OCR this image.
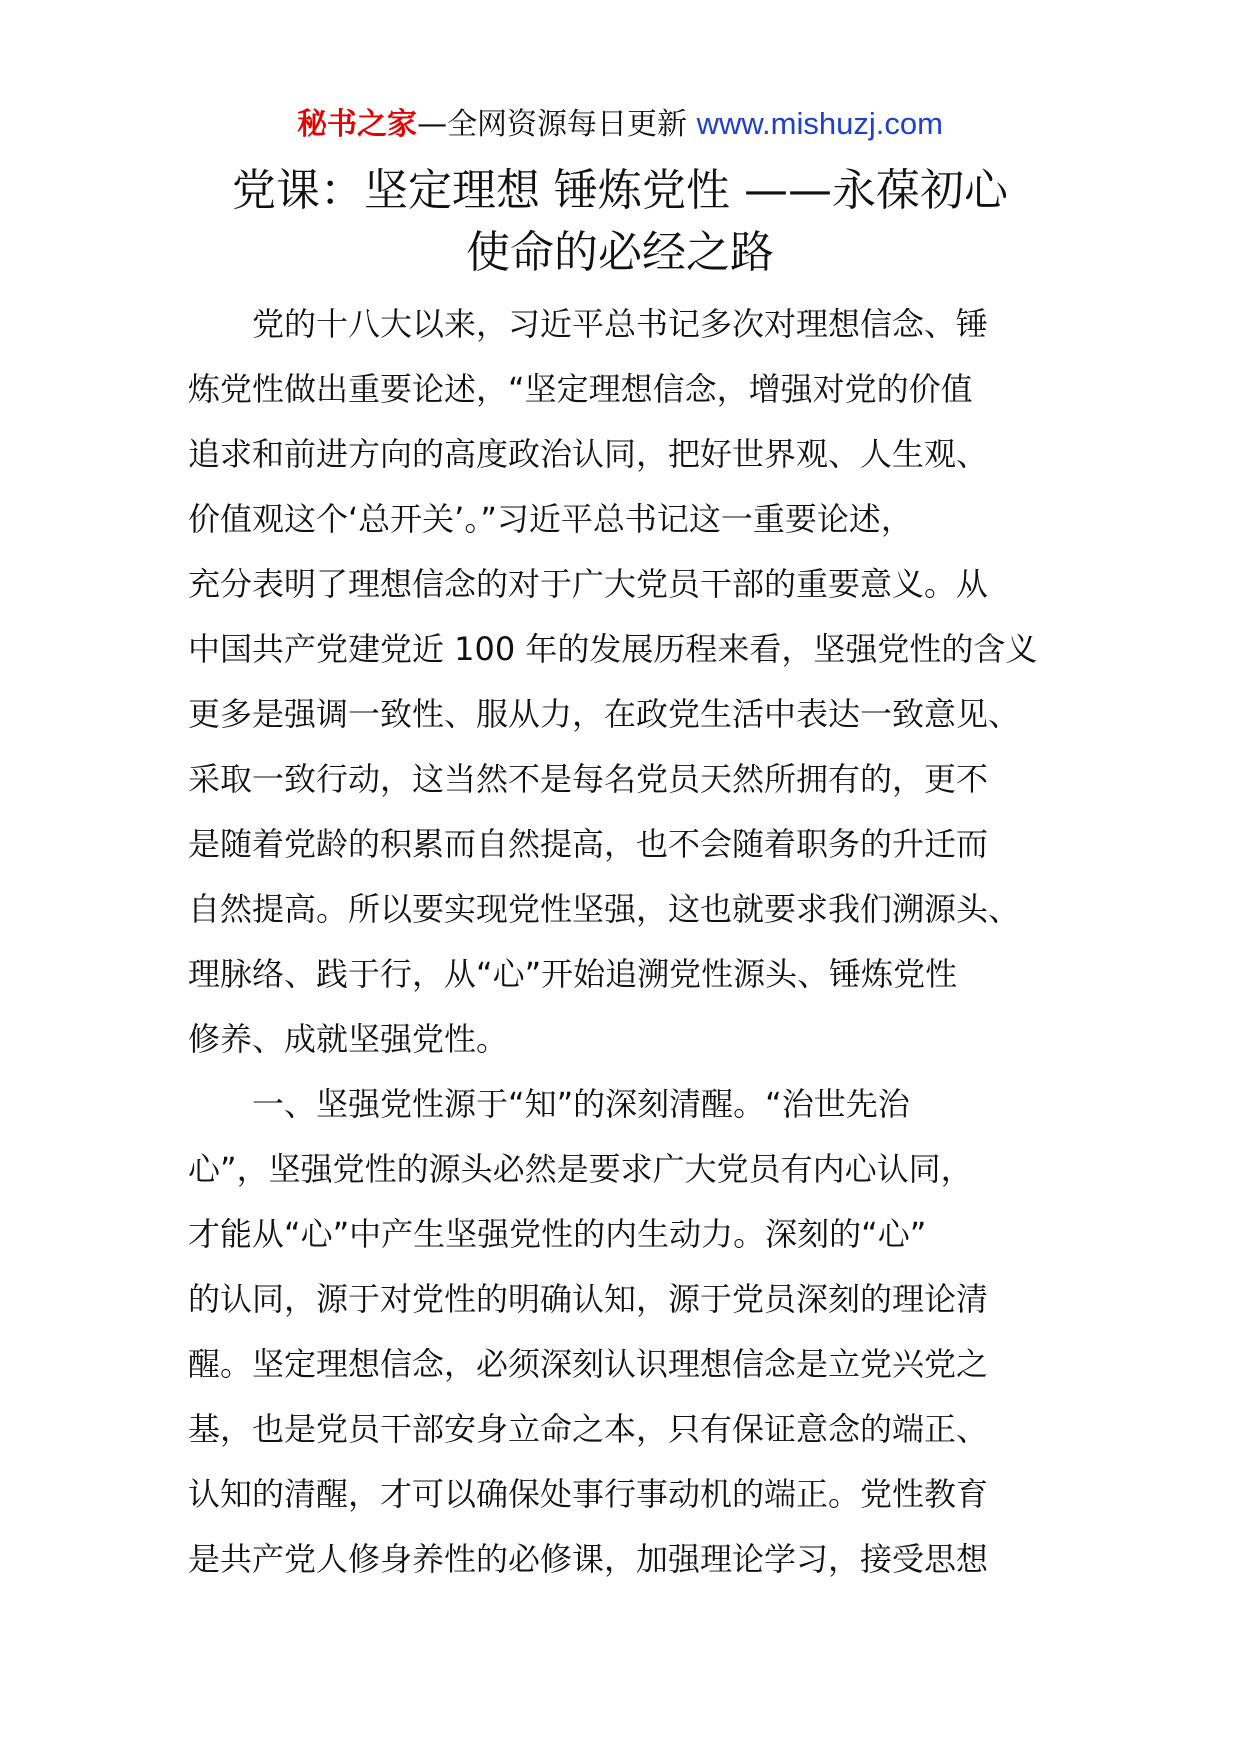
秘书之家—全网资源每日更新 www.mishuzj.com
党课：坚定理想 锤炼党性 ——永葆初心
使命的必经之路
　　党的十八大以来，习近平总书记多次对理想信念、锤
炼党性做出重要论述，“坚定理想信念，增强对党的价值
追求和前进方向的高度政治认同，把好世界观、人生观、
价值观这个‘总开关’。”习近平总书记这一重要论述，
充分表明了理想信念的对于广大党员干部的重要意义。从
中国共产党建党近 100 年的发展历程来看，坚强党性的含义
更多是强调一致性、服从力，在政党生活中表达一致意见、
采取一致行动，这当然不是每名党员天然所拥有的，更不
是随着党龄的积累而自然提高，也不会随着职务的升迁而
自然提高。所以要实现党性坚强，这也就要求我们溯源头、
理脉络、践于行，从“心”开始追溯党性源头、锤炼党性
修养、成就坚强党性。
　　一、坚强党性源于“知”的深刻清醒。“治世先治
心”，坚强党性的源头必然是要求广大党员有内心认同，
才能从“心”中产生坚强党性的内生动力。深刻的“心”
的认同，源于对党性的明确认知，源于党员深刻的理论清
醒。坚定理想信念，必须深刻认识理想信念是立党兴党之
基，也是党员干部安身立命之本，只有保证意念的端正、
认知的清醒，才可以确保处事行事动机的端正。党性教育
是共产党人修身养性的必修课，加强理论学习，接受思想
